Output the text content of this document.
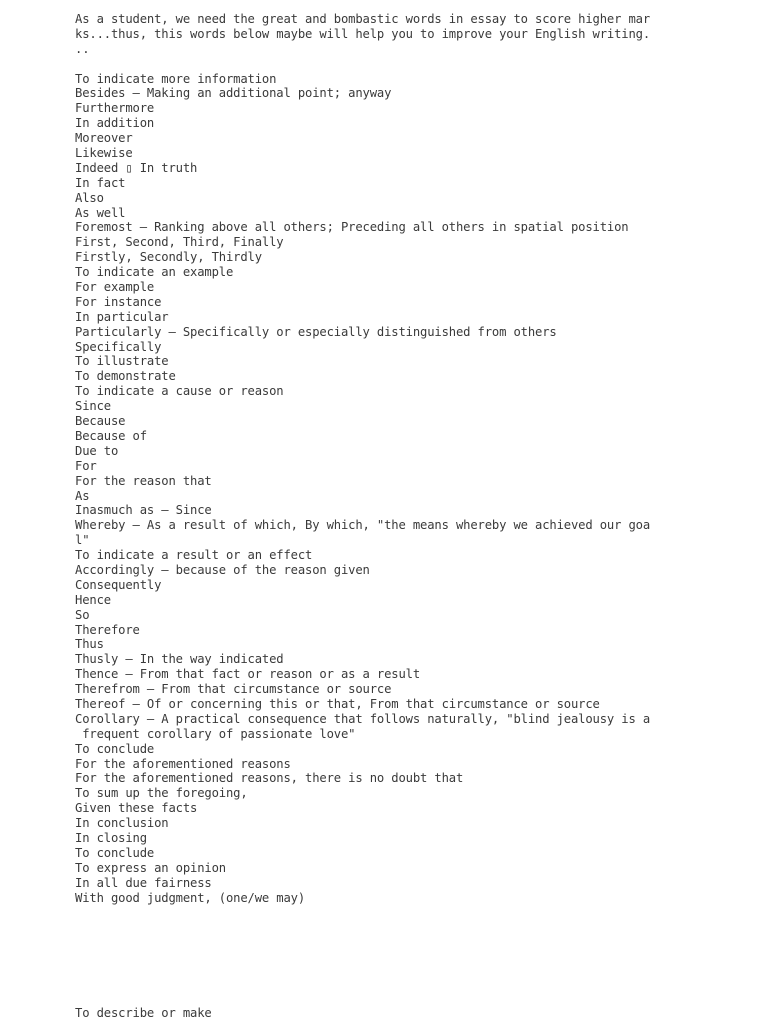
As a student, we need the great and bombastic words in essay to score higher mar
ks...thus, this words below maybe will help you to improve your English writing.
..
To indicate more information
Besides – Making an additional point; anyway
Furthermore
In addition
Moreover
Likewise
Indeed ▯ In truth
In fact
Also
As well
Foremost – Ranking above all others; Preceding all others in spatial position
First, Second, Third, Finally
Firstly, Secondly, Thirdly
To indicate an example
For example
For instance
In particular
Particularly – Specifically or especially distinguished from others
Specifically
To illustrate
To demonstrate
To indicate a cause or reason
Since
Because
Because of
Due to
For
For the reason that
As
Inasmuch as – Since
Whereby – As a result of which, By which, "the means whereby we achieved our goa
l"
To indicate a result or an effect
Accordingly – because of the reason given
Consequently
Hence
So
Therefore
Thus
Thusly – In the way indicated
Thence – From that fact or reason or as a result
Therefrom – From that circumstance or source
Thereof – Of or concerning this or that, From that circumstance or source
Corollary – A practical consequence that follows naturally, "blind jealousy is a
frequent corollary of passionate love"
To conclude
For the aforementioned reasons
For the aforementioned reasons, there is no doubt that
To sum up the foregoing,
Given these facts
In conclusion
In closing
To conclude
To express an opinion
In all due fairness
With good judgment, (one/we may)
To describe or make
